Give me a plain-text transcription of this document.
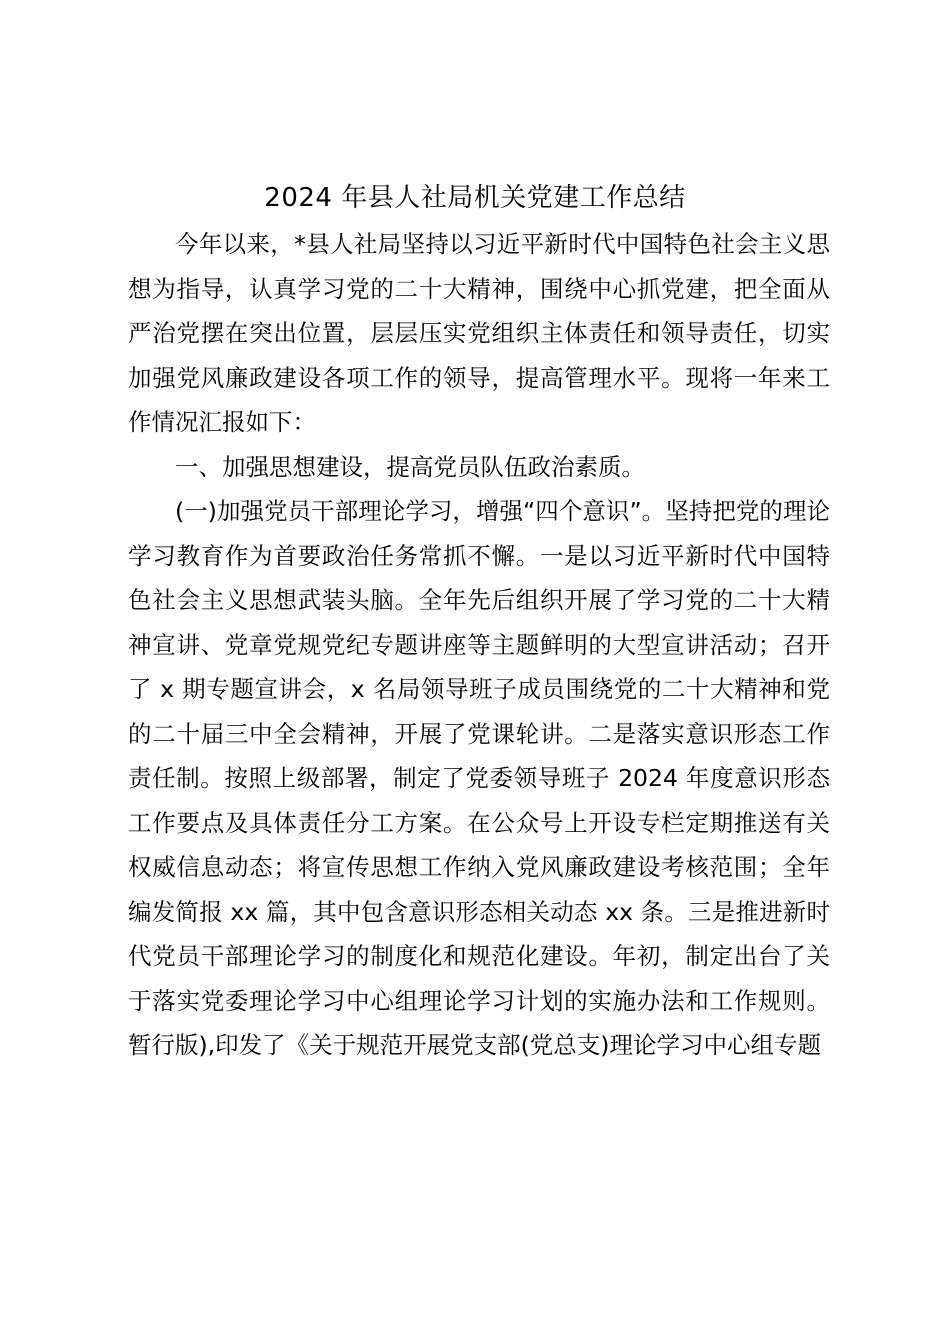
2024 年县人社局机关党建工作总结

今年以来，*县人社局坚持以习近平新时代中国特色社会主义思想为指导，认真学习党的二十大精神，围绕中心抓党建，把全面从严治党摆在突出位置，层层压实党组织主体责任和领导责任，切实加强党风廉政建设各项工作的领导，提高管理水平。现将一年来工作情况汇报如下：

一、加强思想建设，提高党员队伍政治素质。

(一)加强党员干部理论学习，增强“四个意识”。坚持把党的理论学习教育作为首要政治任务常抓不懈。一是以习近平新时代中国特色社会主义思想武装头脑。全年先后组织开展了学习党的二十大精神宣讲、党章党规党纪专题讲座等主题鲜明的大型宣讲活动；召开了 x 期专题宣讲会，x 名局领导班子成员围绕党的二十大精神和党的二十届三中全会精神，开展了党课轮讲。二是落实意识形态工作责任制。按照上级部署，制定了党委领导班子 2024 年度意识形态工作要点及具体责任分工方案。在公众号上开设专栏定期推送有关权威信息动态；将宣传思想工作纳入党风廉政建设考核范围；全年编发简报 xx 篇，其中包含意识形态相关动态 xx 条。三是推进新时代党员干部理论学习的制度化和规范化建设。年初，制定出台了关于落实党委理论学习中心组理论学习计划的实施办法和工作规则。暂行版),印发了《关于规范开展党支部(党总支)理论学习中心组专题
